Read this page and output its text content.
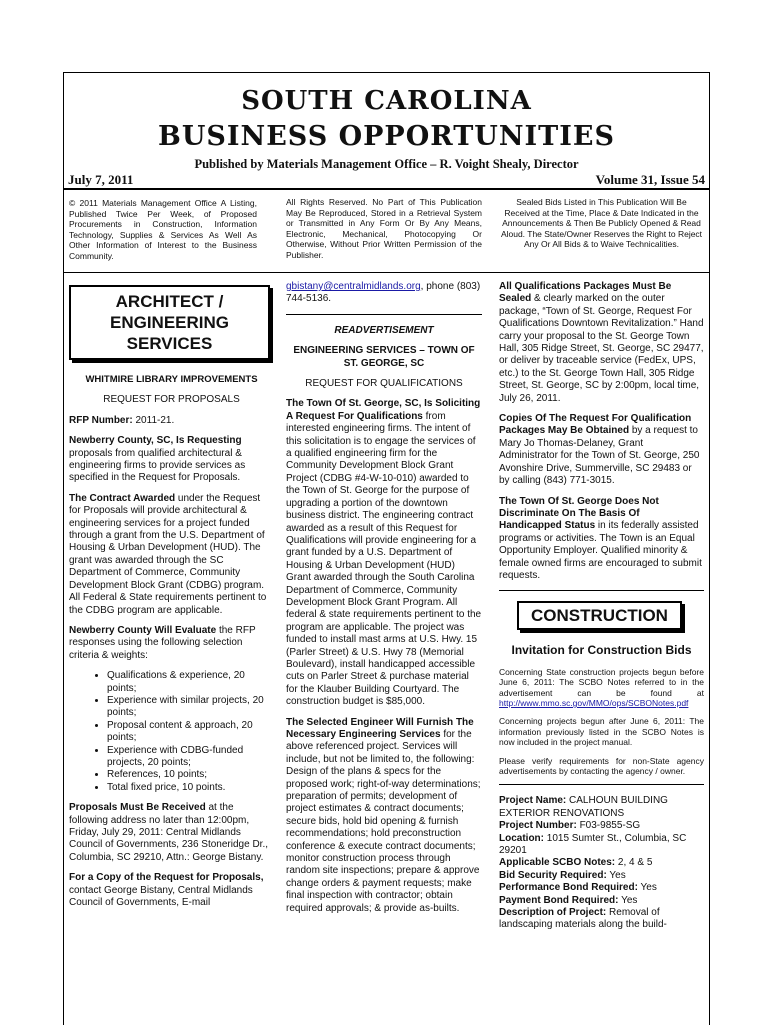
SOUTH CAROLINA
BUSINESS OPPORTUNITIES
Published by Materials Management Office – R. Voight Shealy, Director
July 7, 2011	Volume 31, Issue 54
© 2011 Materials Management Office A Listing, Published Twice Per Week, of Proposed Procurements in Construction, Information Technology, Supplies & Services As Well As Other Information of Interest to the Business Community.
All Rights Reserved. No Part of This Publication May Be Reproduced, Stored in a Retrieval System or Transmitted in Any Form Or By Any Means, Electronic, Mechanical, Photocopying Or Otherwise, Without Prior Written Permission of the Publisher.
Sealed Bids Listed in This Publication Will Be Received at the Time, Place & Date Indicated in the Announcements & Then Be Publicly Opened & Read Aloud. The State/Owner Reserves the Right to Reject Any Or All Bids & to Waive Technicalities.
ARCHITECT / ENGINEERING SERVICES

WHITMIRE LIBRARY IMPROVEMENTS

REQUEST FOR PROPOSALS

RFP Number: 2011-21.

Newberry County, SC, Is Requesting proposals from qualified architectural & engineering firms to provide services as specified in the Request for Proposals.

The Contract Awarded under the Request for Proposals will provide architectural & engineering services for a project funded through a grant from the U.S. Department of Housing & Urban Development (HUD). The grant was awarded through the SC Department of Commerce, Community Development Block Grant (CDBG) program. All Federal & State requirements pertinent to the CDBG program are applicable.

Newberry County Will Evaluate the RFP responses using the following selection criteria & weights:

• Qualifications & experience, 20 points;
• Experience with similar projects, 20 points;
• Proposal content & approach, 20 points;
• Experience with CDBG-funded projects, 20 points;
• References, 10 points;
• Total fixed price, 10 points.

Proposals Must Be Received at the following address no later than 12:00pm, Friday, July 29, 2011: Central Midlands Council of Governments, 236 Stoneridge Dr., Columbia, SC 29210, Attn.: George Bistany.

For a Copy of the Request for Proposals, contact George Bistany, Central Midlands Council of Governments, E-mail

gbistany@centralmidlands.org, phone (803) 744-5136.

READVERTISEMENT

ENGINEERING SERVICES – TOWN OF ST. GEORGE, SC

REQUEST FOR QUALIFICATIONS

The Town Of St. George, SC, Is Soliciting A Request For Qualifications from interested engineering firms. The intent of this solicitation is to engage the services of a qualified engineering firm for the Community Development Block Grant Project (CDBG #4-W-10-010) awarded to the Town of St. George for the purpose of upgrading a portion of the downtown business district. The engineering contract awarded as a result of this Request for Qualifications will provide engineering for a grant funded by a U.S. Department of Housing & Urban Development (HUD) Grant awarded through the South Carolina Department of Commerce, Community Development Block Grant Program. All federal & state requirements pertinent to the program are applicable. The project was funded to install mast arms at U.S. Hwy. 15 (Parler Street) & U.S. Hwy 78 (Memorial Boulevard), install handicapped accessible cuts on Parler Street & purchase material for the Klauber Building Courtyard. The construction budget is $85,000.

The Selected Engineer Will Furnish The Necessary Engineering Services for the above referenced project. Services will include, but not be limited to, the following: Design of the plans & specs for the proposed work; right-of-way determinations; preparation of permits; development of project estimates & contract documents; secure bids, hold bid opening & furnish recommendations; hold preconstruction conference & execute contract documents; monitor construction process through random site inspections; prepare & approve change orders & payment requests; make final inspection with contractor; obtain required approvals; & provide as-builts.

All Qualifications Packages Must Be Sealed & clearly marked on the outer package, “Town of St. George, Request For Qualifications Downtown Revitalization.” Hand carry your proposal to the St. George Town Hall, 305 Ridge Street, St. George, SC 29477, or deliver by traceable service (FedEx, UPS, etc.) to the St. George Town Hall, 305 Ridge Street, St. George, SC by 2:00pm, local time, July 26, 2011.

Copies Of The Request For Qualification Packages May Be Obtained by a request to Mary Jo Thomas-Delaney, Grant Administrator for the Town of St. George, 250 Avonshire Drive, Summerville, SC 29483 or by calling (843) 771-3015.

The Town Of St. George Does Not Discriminate On The Basis Of Handicapped Status in its federally assisted programs or activities. The Town is an Equal Opportunity Employer. Qualified minority & female owned firms are encouraged to submit requests.

CONSTRUCTION
Invitation for Construction Bids

Concerning State construction projects begun before June 6, 2011: The SCBO Notes referred to in the advertisement can be found at http://www.mmo.sc.gov/MMO/ops/SCBONotes.pdf

Concerning projects begun after June 6, 2011: The information previously listed in the SCBO Notes is now included in the project manual.

Please verify requirements for non-State agency advertisements by contacting the agency / owner.

Project Name: CALHOUN BUILDING EXTERIOR RENOVATIONS
Project Number: F03-9855-SG
Location: 1015 Sumter St., Columbia, SC 29201
Applicable SCBO Notes: 2, 4 & 5
Bid Security Required: Yes
Performance Bond Required: Yes
Payment Bond Required: Yes
Description of Project: Removal of landscaping materials along the build-
